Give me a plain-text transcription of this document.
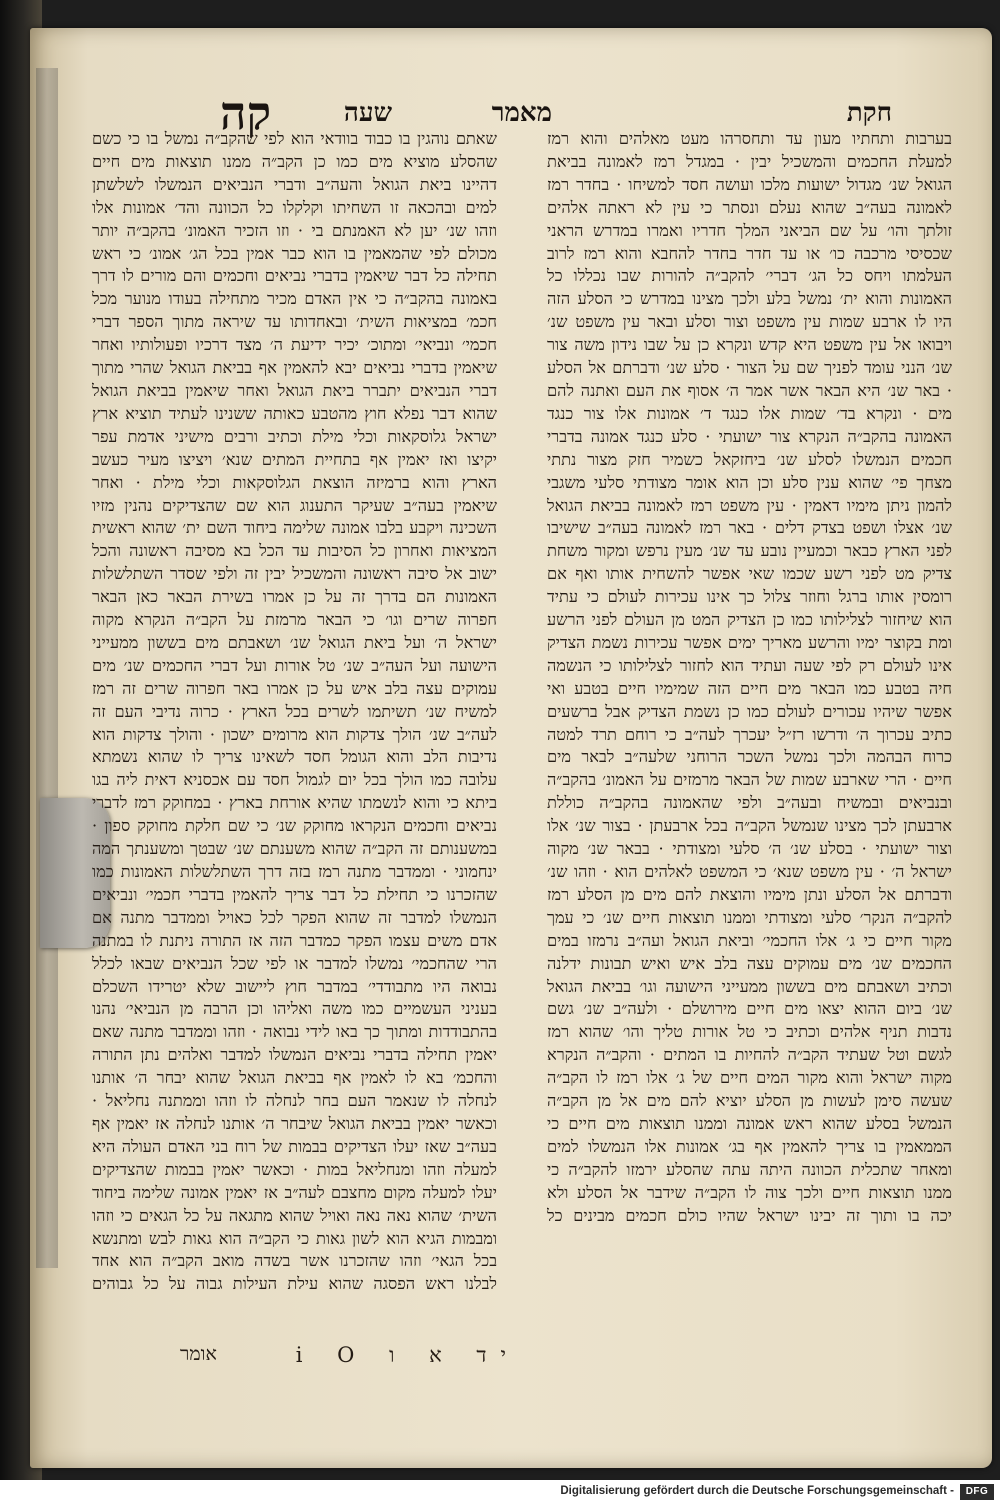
קה	חקת
מאמר
שעה

בערבות ותחתיו מעון עד ותחסרהו מעט מאלהים והוא רמז למעלת החכמים והמשכיל יבין · במגדל רמז לאמונה בביאת הגואל שנ׳ מגדול ישועות מלכו ועושה חסד למשיחו · בחדר רמז לאמונה בעה״ב שהוא נעלם ונסתר כי עין לא ראתה אלהים זולתך והו׳ על שם הביאני המלך חדריו ואמרו במדרש הראני שכסיסי מרכבה כו׳ או עד חדר בחדר להחבא והוא רמז לרוב העלמתו ויחס כל הג׳ דברי׳ להקב״ה להורות שבו נכללו כל האמונות והוא ית׳ נמשל בלע ולכך מצינו במדרש כי הסלע הזה היו לו ארבע שמות עין משפט וצור וסלע ובאר עין משפט שנ׳ ויבואו אל עין משפט היא קדש ונקרא כן על שבו נידון משה צור שנ׳ הנני עומד לפניך שם על הצור · סלע שנ׳ ודברתם אל הסלע · באר שנ׳ היא הבאר אשר אמר ה׳ אסוף את העם ואתנה להם מים · ונקרא בד׳ שמות אלו כנגד ד׳ אמונות אלו צור כנגד האמונה בהקב״ה הנקרא צור ישועתי · סלע כנגד אמונה בדברי חכמים הנמשלו לסלע שנ׳ ביחזקאל כשמיר חזק מצור נתתי מצחך פי׳ שהוא ענין סלע וכן הוא אומר מצודתי סלעי משגבי להמון ניתן מימיו דאמין · עין משפט רמז לאמונה בביאת הגואל שנ׳ אצלו ושפט בצדק דלים · באר רמז לאמונה בעה״ב שישיבו לפני הארץ כבאר וכמעיין נובע עד שנ׳ מעין נרפש ומקור משחת צדיק מט לפני רשע שכמו שאי אפשר להשחית אותו ואף אם רומסין אותו ברגל וחוזר צלול כך אינו עכירות לעולם כי עתיד הוא שיחזור לצלילותו כמו כן הצדיק המט מן העולם לפני הרשע ומת בקוצר ימיו והרשע מאריך ימים אפשר עכירות נשמת הצדיק אינו לעולם רק לפי שעה ועתיד הוא לחזור לצלילותו כי הנשמה חיה בטבע כמו הבאר מים חיים הזה שמימיו חיים בטבע ואי אפשר שיהיו עכורים לעולם כמו כן נשמת הצדיק אבל ברשעים כתיב עכרוך ה׳ ודרשו רז״ל יעכרך לעה״ב כי רוחם תרד למטה כרוח הבהמה ולכך נמשל השכר הרוחני שלעה״ב לבאר מים חיים · הרי שארבע שמות של הבאר מרמזים על האמונ׳ בהקב״ה ובנביאים ובמשיח ובעה״ב ולפי שהאמונה בהקב״ה כוללת ארבעתן לכך מצינו שנמשל הקב״ה בכל ארבעתן · בצור שנ׳ אלו וצור ישועתי · בסלע שנ׳ ה׳ סלעי ומצודתי · בבאר שנ׳ מקוה ישראל ה׳ · עין משפט שנא׳ כי המשפט לאלהים הוא · וזהו שנ׳ ודברתם אל הסלע ונתן מימיו והוצאת להם מים מן הסלע רמז להקב״ה הנקר׳ סלעי ומצודתי וממנו תוצאות חיים שנ׳ כי עמך מקור חיים כי ג׳ אלו החכמי׳ וביאת הגואל ועה״ב נרמזו במים החכמים שנ׳ מים עמוקים עצה בלב איש ואיש תבונות ידלנה וכתיב ושאבתם מים בששון ממעייני הישועה וגו׳ בביאת הגואל שנ׳ ביום ההוא יצאו מים חיים מירושלם · ולעה״ב שנ׳ גשם נדבות תניף אלהים וכתיב כי טל אורות טליך והו׳ שהוא רמז לגשם וטל שעתיד הקב״ה להחיות בו המתים · והקב״ה הנקרא מקוה ישראל והוא מקור המים חיים של ג׳ אלו רמז לו הקב״ה שעשה סימן לעשות מן הסלע יוציא להם מים אל מן הקב״ה הנמשל בסלע שהוא ראש אמונה וממנו תוצאות מים חיים כי הממאמין בו צריך להאמין אף בג׳ אמונות אלו הנמשלו למים ומאחר שתכלית הכוונה היתה עתה שהסלע ירמזו להקב״ה כי ממנו תוצאות חיים ולכך צוה לו הקב״ה שידבר אל הסלע ולא יכה בו ותוך זה יבינו ישראל שהיו כולם חכמים מבינים כל

שאתם נוהגין בו כבוד בוודאי הוא לפי שהקב״ה נמשל בו כי כשם שהסלע מוציא מים כמו כן הקב״ה ממנו תוצאות מים חיים דהיינו ביאת הגואל והעה״ב ודברי הנביאים הנמשלו לשלשתן למים ובהכאה זו השחיתו וקלקלו כל הכוונה והד׳ אמונות אלו וזהו שנ׳ יען לא האמנתם בי · וזו הזכיר האמונ׳ בהקב״ה יותר מכולם לפי שהמאמין בו הוא כבר אמין בכל הג׳ אמונ׳ כי ראש תחילה כל דבר שיאמין בדברי נביאים וחכמים והם מורים לו דרך באמונה בהקב״ה כי אין האדם מכיר מתחילה בעודו מנוער מכל חכמ׳ במציאות השית׳ ובאחדותו עד שיראה מתוך הספר דברי חכמי׳ ונביאי׳ ומתוכ׳ יכיר ידיעת ה׳ מצד דרכיו ופעולותיו ואחר שיאמין בדברי נביאים יבא להאמין אף בביאת הגואל שהרי מתוך דברי הנביאים יתברר ביאת הגואל ואחר שיאמין בביאת הגואל שהוא דבר נפלא חוץ מהטבע כאותה ששנינו לעתיד תוציא ארץ ישראל גלוסקאות וכלי מילת וכתיב ורבים מישיני אדמת עפר יקיצו ואז יאמין אף בתחיית המתים שנא׳ ויציצו מעיר כעשב הארץ והוא ברמיזה הוצאת הגלוסקאות וכלי מילת · ואחר שיאמין בעה״ב שעיקר התענוג הוא שם שהצדיקים נהנין מזיו השכינה ויקבע בלבו אמונה שלימה ביחוד השם ית׳ שהוא ראשית המציאות ואחרון כל הסיבות עד הכל בא מסיבה ראשונה והכל ישוב אל סיבה ראשונה והמשכיל יבין זה ולפי שסדר השתלשלות האמונות הם בדרך זה על כן אמרו בשירת הבאר כאן הבאר חפרוה שרים וגו׳ כי הבאר מרמזת על הקב״ה הנקרא מקוה ישראל ה׳ ועל ביאת הגואל שנ׳ ושאבתם מים בששון ממעייני הישועה ועל העה״ב שנ׳ טל אורות ועל דברי החכמים שנ׳ מים עמוקים עצה בלב איש על כן אמרו באר חפרוה שרים זה רמז למשיח שנ׳ תשיתמו לשרים בכל הארץ · כרוה נדיבי העם זה לעה״ב שנ׳ הולך צדקות הוא מרומים ישכון · והולך צדקות הוא נדיבות הלב והוא הגומל חסד לשאינו צריך לו שהוא נשמתא עלובה כמו הולך בכל יום לגמול חסד עם אכסניא דאית ליה בגו ביתא כי והוא לנשמתו שהיא אורחת בארץ · במחוקק רמז לדברי נביאים וחכמים הנקראו מחוקק שנ׳ כי שם חלקת מחוקק ספון · במשענותם זה הקב״ה שהוא משענתם שנ׳ שבטך ומשענתך המה ינחמוני · וממדבר מתנה רמז בזה דרך השתלשלות האמונות כמו שהזכרנו כי תחילת כל דבר צריך להאמין בדברי חכמי׳ ונביאים הנמשלו למדבר זה שהוא הפקר לכל כאויל וממדבר מתנה אם אדם משים עצמו הפקר כמדבר הזה אז התורה ניתנת לו במתנה הרי שהחכמי׳ נמשלו למדבר או לפי שכל הנביאים שבאו לכלל נבואה היו מתבודדי׳ במדבר חוץ ליישוב שלא יטרידו השכלם בעניני העשמיים כמו משה ואליהו וכן הרבה מן הנביאי׳ נהנו בהתבודדות ומתוך כך באו לידי נבואה · וזהו וממדבר מתנה שאם יאמין תחילה בדברי נביאים הנמשלו למדבר ואלהים נתן התורה והחכמ׳ בא לו לאמין אף בביאת הגואל שהוא יבחר ה׳ אותנו לנחלה לו שנאמר העם בחר לנחלה לו וזהו וממתנה נחליאל · וכאשר יאמין בביאת הגואל שיבחר ה׳ אותנו לנחלה אז יאמין אף בעה״ב שאז יעלו הצדיקים בבמות של רוח בני האדם העולה היא למעלה וזהו ומנחליאל במות · וכאשר יאמין בבמות שהצדיקים יעלו למעלה מקום מחצבם לעה״ב אז יאמין אמונה שלימה ביחוד השית׳ שהוא נאה נאה ואויל שהוא מתגאה על כל הגאים כי וזהו ומבמות הגיא הוא לשון גאות כי הקב״ה הוא גאות לבש ומתנשא בכל הגאי׳ וזהו שהזכרנו אשר בשדה מואב הקב״ה הוא אחד לבלנו ראש הפסגה שהוא עילת העילות גבוה על כל גבוהים

יד א ו i O
אומר
Digitalisierung gefördert durch die Deutsche Forschungsgemeinschaft -	DFG
